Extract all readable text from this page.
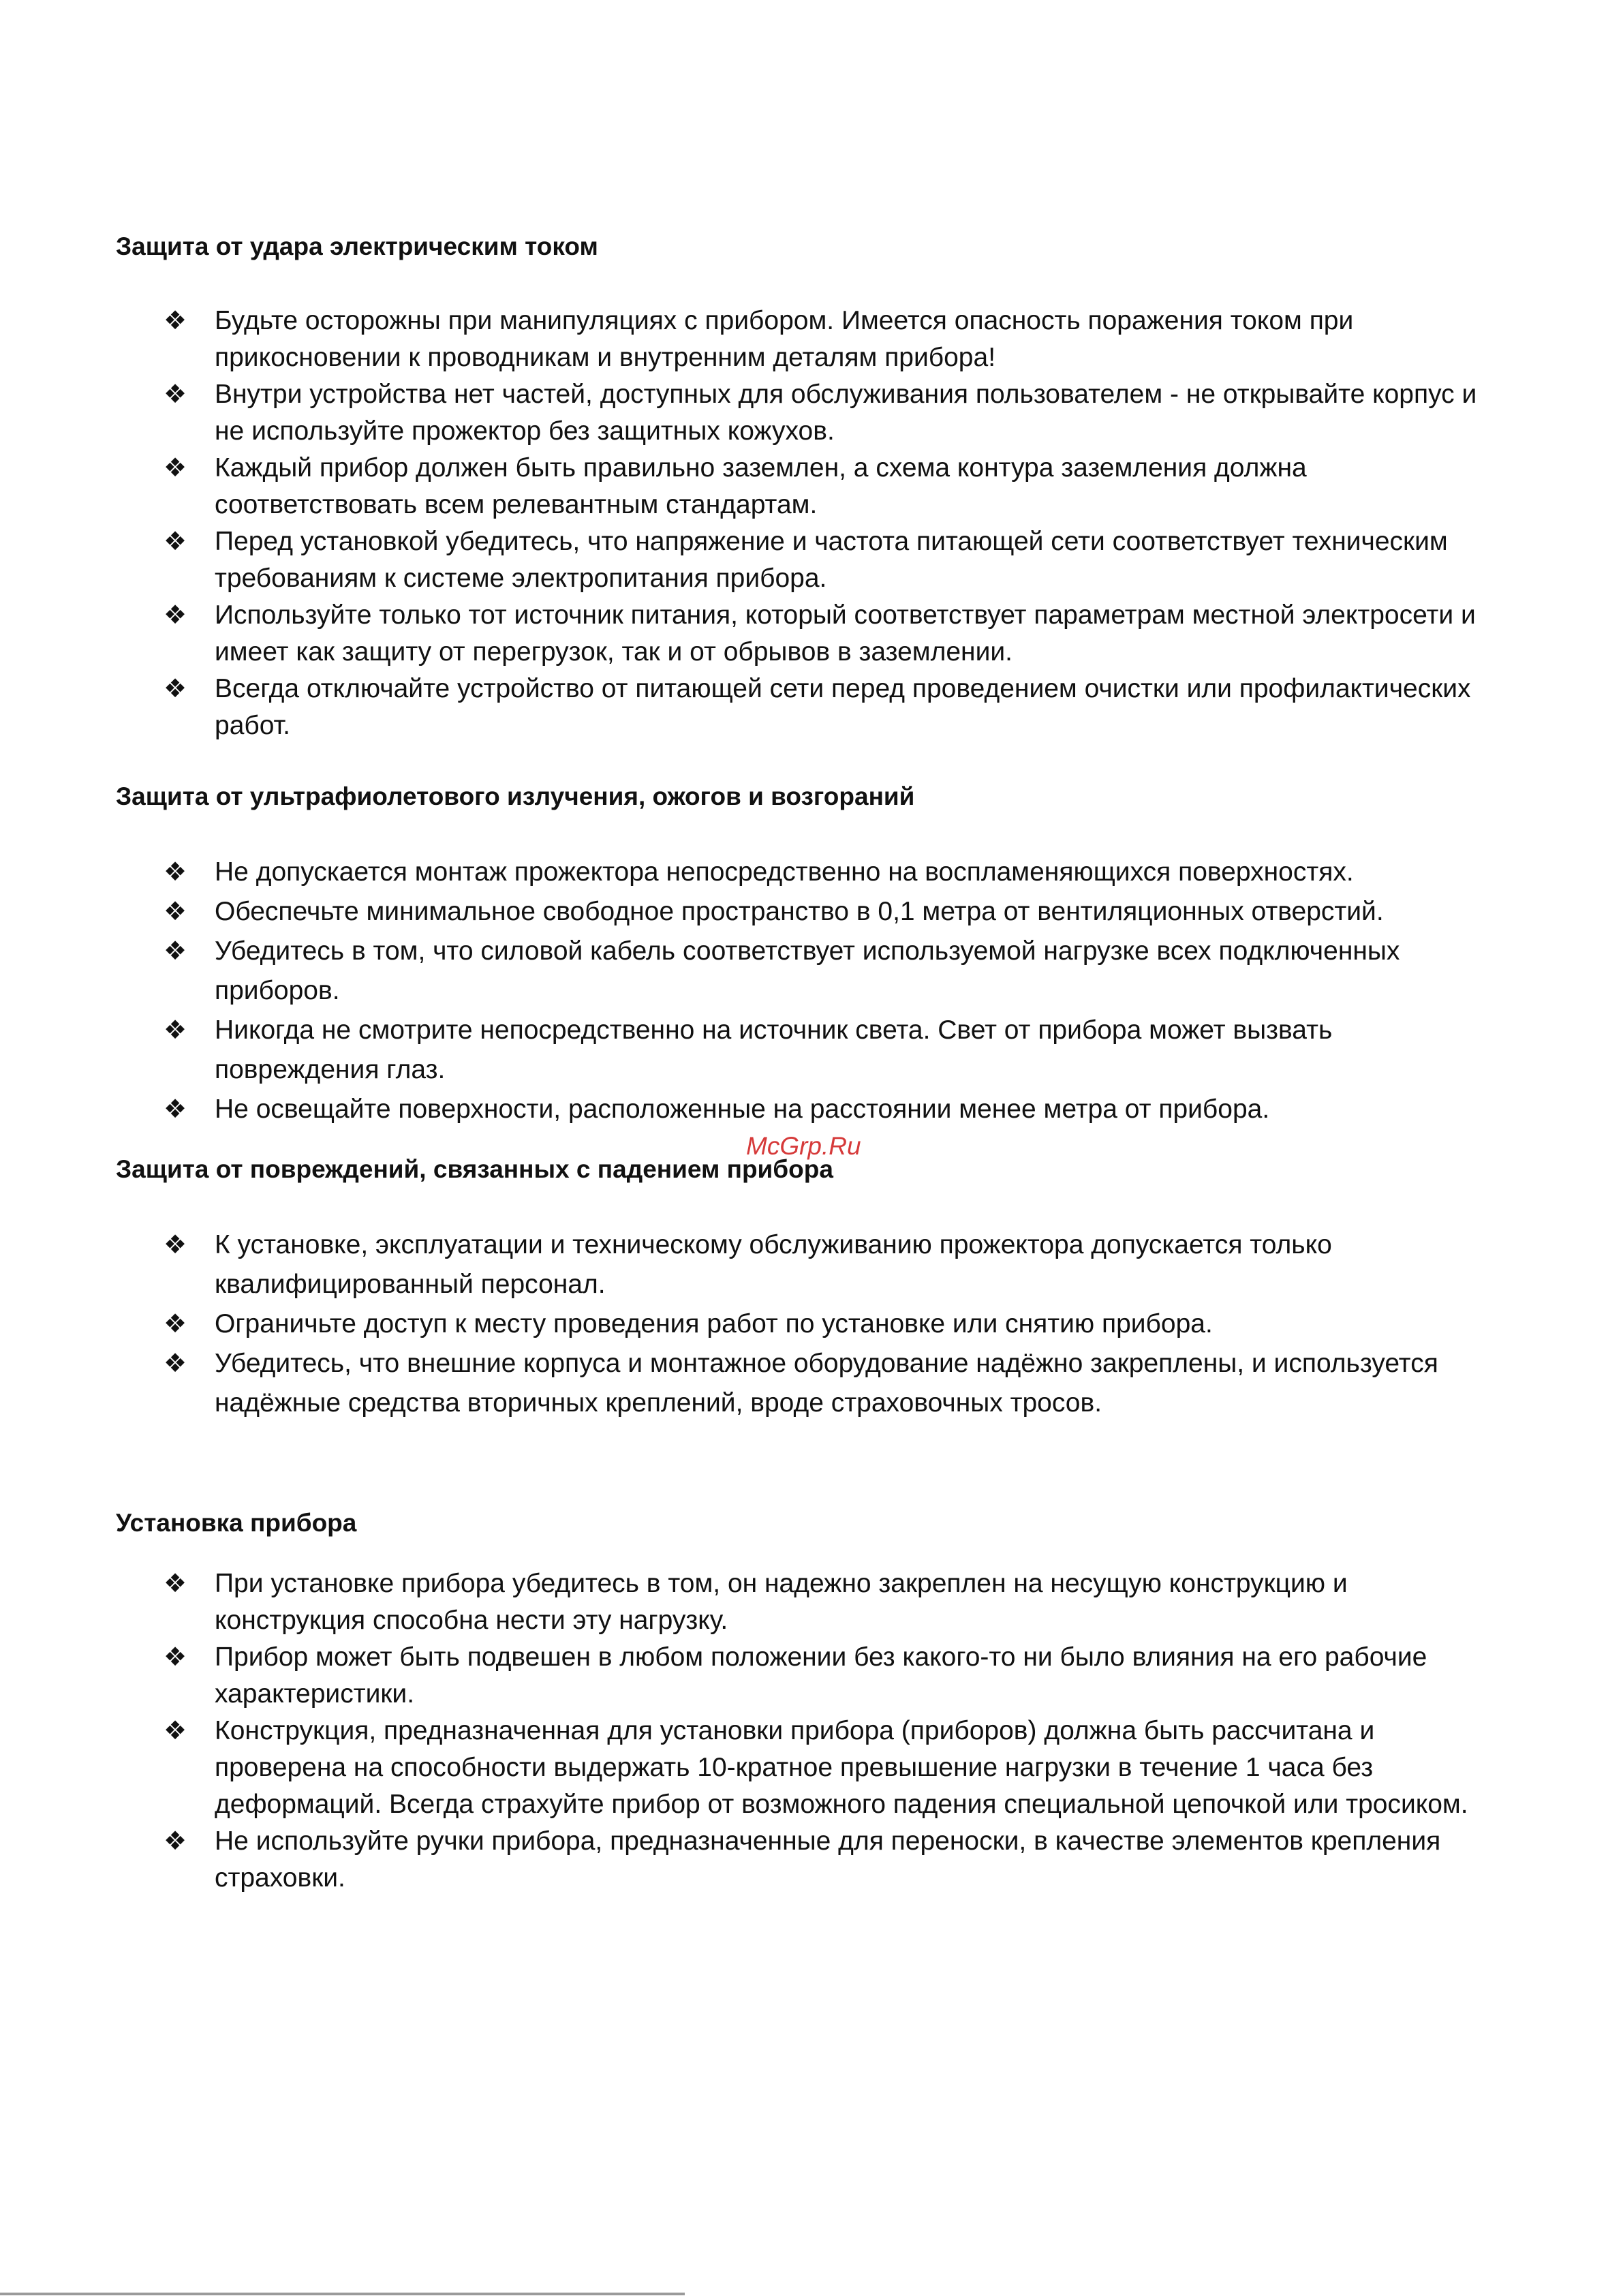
Защита от удара электрическим током
❖ Будьте осторожны при манипуляциях с прибором. Имеется опасность поражения током при прикосновении к проводникам и внутренним деталям прибора!
❖ Внутри устройства нет частей, доступных для обслуживания пользователем - не открывайте корпус и не используйте прожектор без защитных кожухов.
❖ Каждый прибор должен быть правильно заземлен, а схема контура заземления должна соответствовать всем релевантным стандартам.
❖ Перед установкой убедитесь, что напряжение и частота питающей сети соответствует техническим требованиям к системе электропитания прибора.
❖ Используйте только тот источник питания, который соответствует параметрам местной электросети и имеет как защиту от перегрузок, так и от обрывов в заземлении.
❖ Всегда отключайте устройство от питающей сети перед проведением очистки или профилактических работ.
Защита от ультрафиолетового излучения, ожогов и возгораний
❖ Не допускается монтаж прожектора непосредственно на воспламеняющихся поверхностях.
❖ Обеспечьте минимальное свободное пространство в 0,1 метра от вентиляционных отверстий.
❖ Убедитесь в том, что силовой кабель соответствует используемой нагрузке всех подключенных приборов.
❖ Никогда не смотрите непосредственно на источник света. Свет от прибора может вызвать повреждения глаз.
❖ Не освещайте поверхности, расположенные на расстоянии менее метра от прибора.
McGrp.Ru
Защита от повреждений, связанных с падением прибора
❖ К установке, эксплуатации и техническому обслуживанию прожектора допускается только квалифицированный персонал.
❖ Ограничьте доступ к месту проведения работ по установке или снятию прибора.
❖ Убедитесь, что внешние корпуса и монтажное оборудование надёжно закреплены, и используется надёжные средства вторичных креплений, вроде страховочных тросов.
Установка прибора
❖ При установке прибора убедитесь в том, он надежно закреплен на несущую конструкцию и конструкция способна нести эту нагрузку.
❖ Прибор может быть подвешен в любом положении без какого-то ни было влияния на его рабочие характеристики.
❖ Конструкция, предназначенная для установки прибора (приборов) должна быть рассчитана и проверена на способности выдержать 10-кратное превышение нагрузки в течение 1 часа без деформаций. Всегда страхуйте прибор от возможного падения специальной цепочкой или тросиком.
❖ Не используйте ручки прибора, предназначенные для переноски, в качестве элементов крепления страховки.
